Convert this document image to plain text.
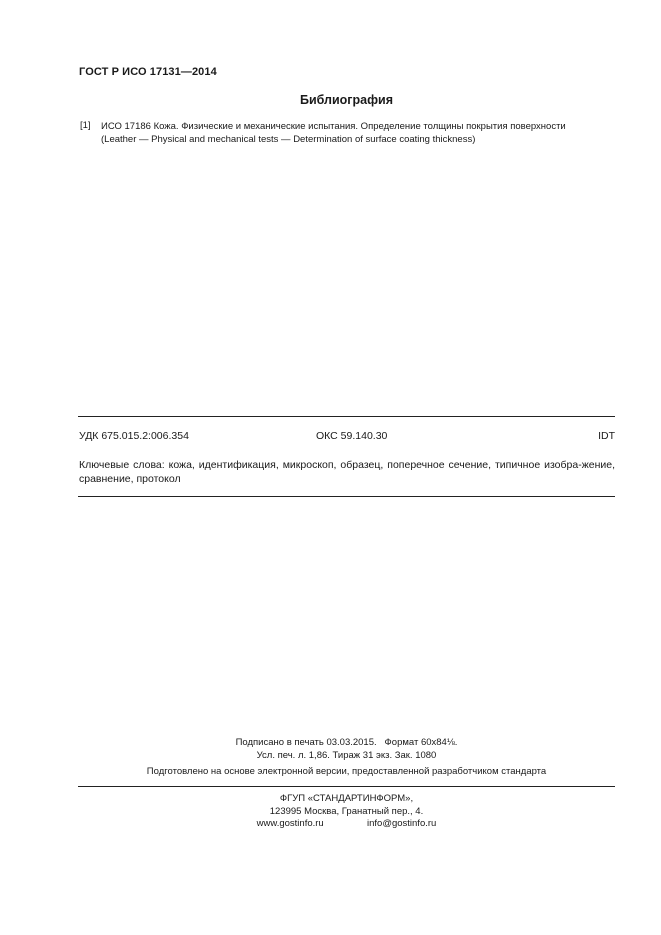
ГОСТ Р ИСО 17131—2014
Библиография
[1] ИСО 17186 Кожа. Физические и механические испытания. Определение толщины покрытия поверхности
(Leather — Physical and mechanical tests — Determination of surface coating thickness)
УДК 675.015.2:006.354	ОКС 59.140.30	IDT
Ключевые слова: кожа, идентификация, микроскоп, образец, поперечное сечение, типичное изобра-жение, сравнение, протокол
Подписано в печать 03.03.2015.   Формат 60x84⅛.
Усл. печ. л. 1,86. Тираж 31 экз. Зак. 1080
Подготовлено на основе электронной версии, предоставленной разработчиком стандарта
ФГУП «СТАНДАРТИНФОРМ»,
123995 Москва, Гранатный пер., 4.
www.gostinfo.ru	info@gostinfo.ru
